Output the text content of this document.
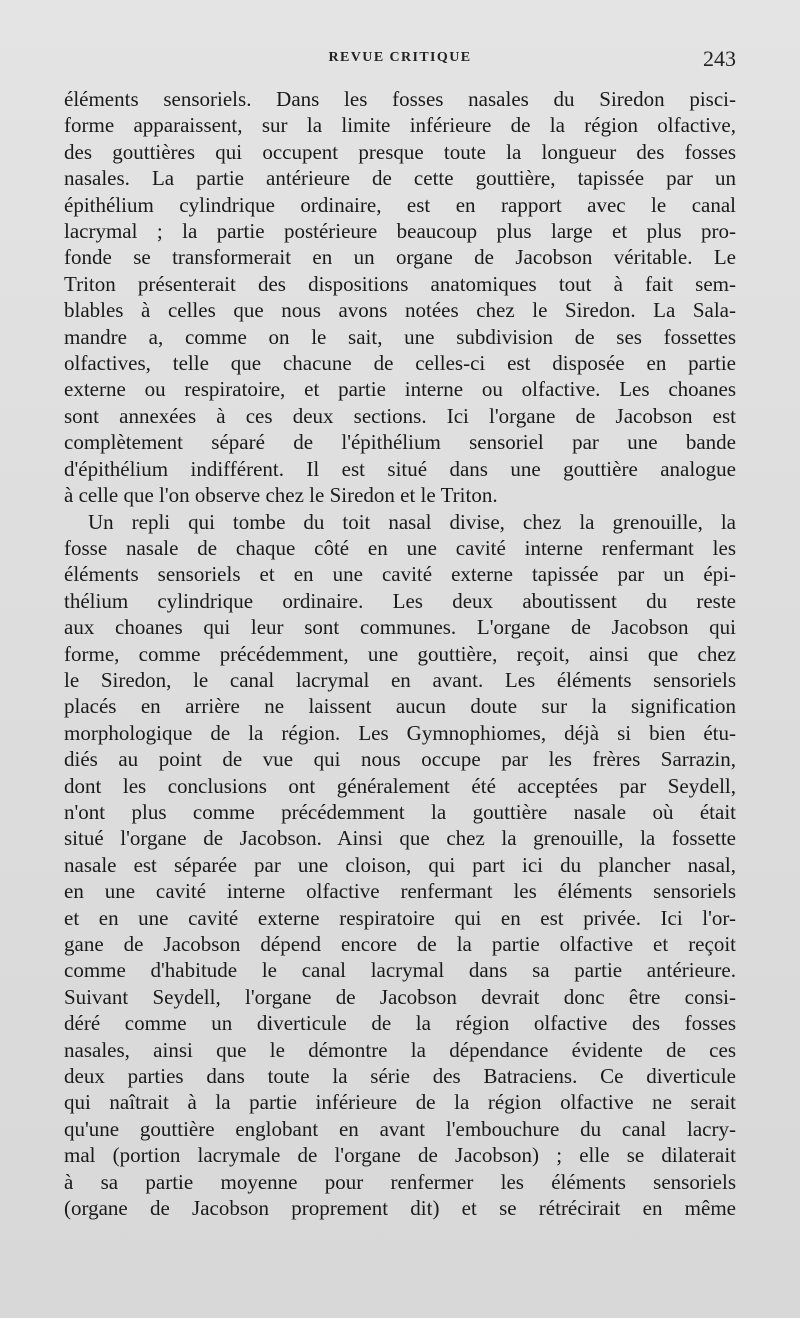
REVUE CRITIQUE	243

éléments sensoriels. Dans les fosses nasales du Siredon pisci-
forme apparaissent, sur la limite inférieure de la région olfactive,
des gouttières qui occupent presque toute la longueur des fosses
nasales. La partie antérieure de cette gouttière, tapissée par un
épithélium cylindrique ordinaire, est en rapport avec le canal
lacrymal ; la partie postérieure beaucoup plus large et plus pro-
fonde se transformerait en un organe de Jacobson véritable. Le
Triton présenterait des dispositions anatomiques tout à fait sem-
blables à celles que nous avons notées chez le Siredon. La Sala-
mandre a, comme on le sait, une subdivision de ses fossettes
olfactives, telle que chacune de celles-ci est disposée en partie
externe ou respiratoire, et partie interne ou olfactive. Les choanes
sont annexées à ces deux sections. Ici l'organe de Jacobson est
complètement séparé de l'épithélium sensoriel par une bande
d'épithélium indifférent. Il est situé dans une gouttière analogue
à celle que l'on observe chez le Siredon et le Triton.

Un repli qui tombe du toit nasal divise, chez la grenouille, la
fosse nasale de chaque côté en une cavité interne renfermant les
éléments sensoriels et en une cavité externe tapissée par un épi-
thélium cylindrique ordinaire. Les deux aboutissent du reste
aux choanes qui leur sont communes. L'organe de Jacobson qui
forme, comme précédemment, une gouttière, reçoit, ainsi que chez
le Siredon, le canal lacrymal en avant. Les éléments sensoriels
placés en arrière ne laissent aucun doute sur la signification
morphologique de la région. Les Gymnophiomes, déjà si bien étu-
diés au point de vue qui nous occupe par les frères Sarrazin,
dont les conclusions ont généralement été acceptées par Seydell,
n'ont plus comme précédemment la gouttière nasale où était
situé l'organe de Jacobson. Ainsi que chez la grenouille, la fossette
nasale est séparée par une cloison, qui part ici du plancher nasal,
en une cavité interne olfactive renfermant les éléments sensoriels
et en une cavité externe respiratoire qui en est privée. Ici l'or-
gane de Jacobson dépend encore de la partie olfactive et reçoit
comme d'habitude le canal lacrymal dans sa partie antérieure.
Suivant Seydell, l'organe de Jacobson devrait donc être consi-
déré comme un diverticule de la région olfactive des fosses
nasales, ainsi que le démontre la dépendance évidente de ces
deux parties dans toute la série des Batraciens. Ce diverticule
qui naîtrait à la partie inférieure de la région olfactive ne serait
qu'une gouttière englobant en avant l'embouchure du canal lacry-
mal (portion lacrymale de l'organe de Jacobson) ; elle se dilaterait
à sa partie moyenne pour renfermer les éléments sensoriels
(organe de Jacobson proprement dit) et se rétrécirait en même
